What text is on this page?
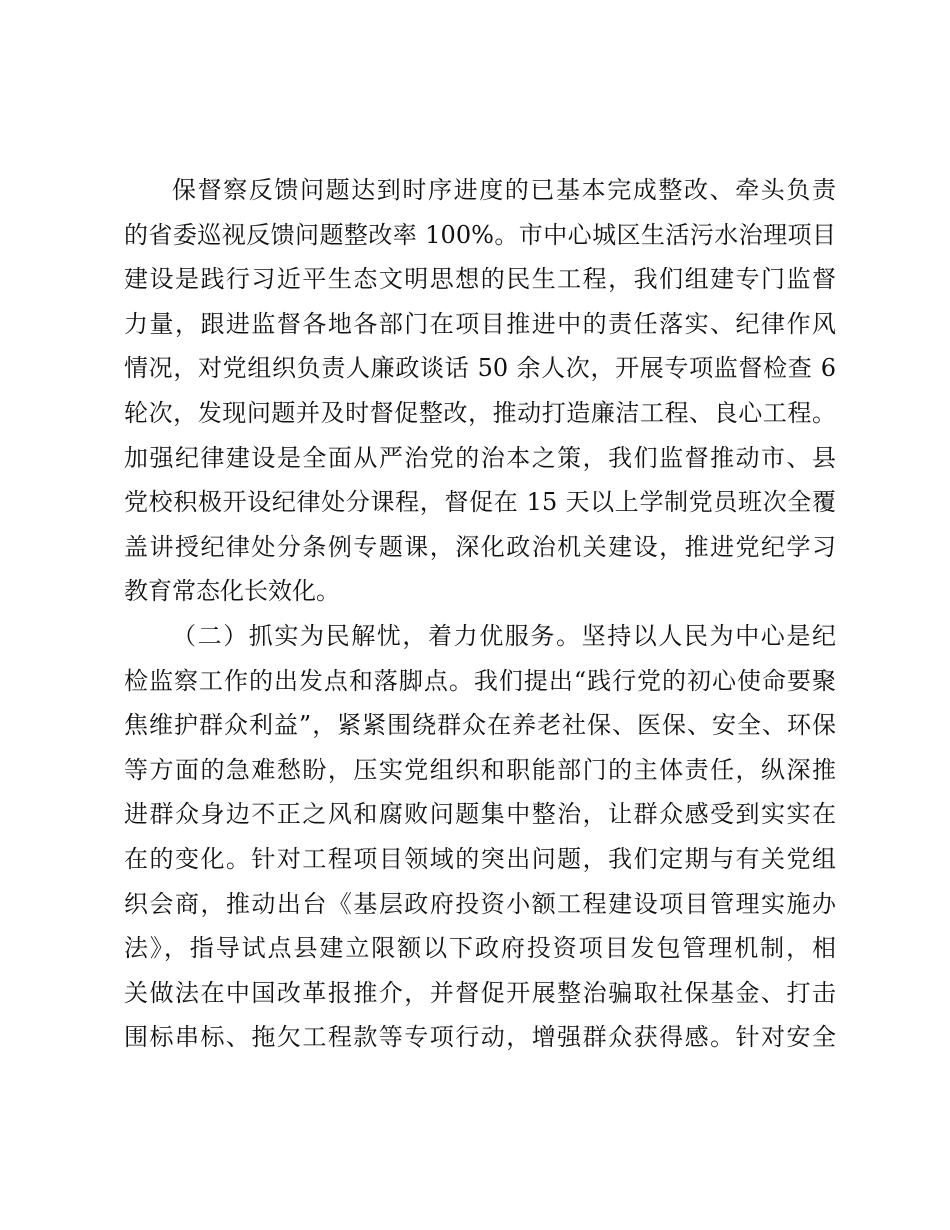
保督察反馈问题达到时序进度的已基本完成整改、牵头负责
的省委巡视反馈问题整改率 100%。市中心城区生活污水治理项目
建设是践行习近平生态文明思想的民生工程，我们组建专门监督
力量，跟进监督各地各部门在项目推进中的责任落实、纪律作风
情况，对党组织负责人廉政谈话 50 余人次，开展专项监督检查 6
轮次，发现问题并及时督促整改，推动打造廉洁工程、良心工程。
加强纪律建设是全面从严治党的治本之策，我们监督推动市、县
党校积极开设纪律处分课程，督促在 15 天以上学制党员班次全覆
盖讲授纪律处分条例专题课，深化政治机关建设，推进党纪学习
教育常态化长效化。
（二）抓实为民解忧，着力优服务。坚持以人民为中心是纪
检监察工作的出发点和落脚点。我们提出“践行党的初心使命要聚
焦维护群众利益”，紧紧围绕群众在养老社保、医保、安全、环保
等方面的急难愁盼，压实党组织和职能部门的主体责任，纵深推
进群众身边不正之风和腐败问题集中整治，让群众感受到实实在
在的变化。针对工程项目领域的突出问题，我们定期与有关党组
织会商，推动出台《基层政府投资小额工程建设项目管理实施办
法》，指导试点县建立限额以下政府投资项目发包管理机制，相
关做法在中国改革报推介，并督促开展整治骗取社保基金、打击
围标串标、拖欠工程款等专项行动，增强群众获得感。针对安全
